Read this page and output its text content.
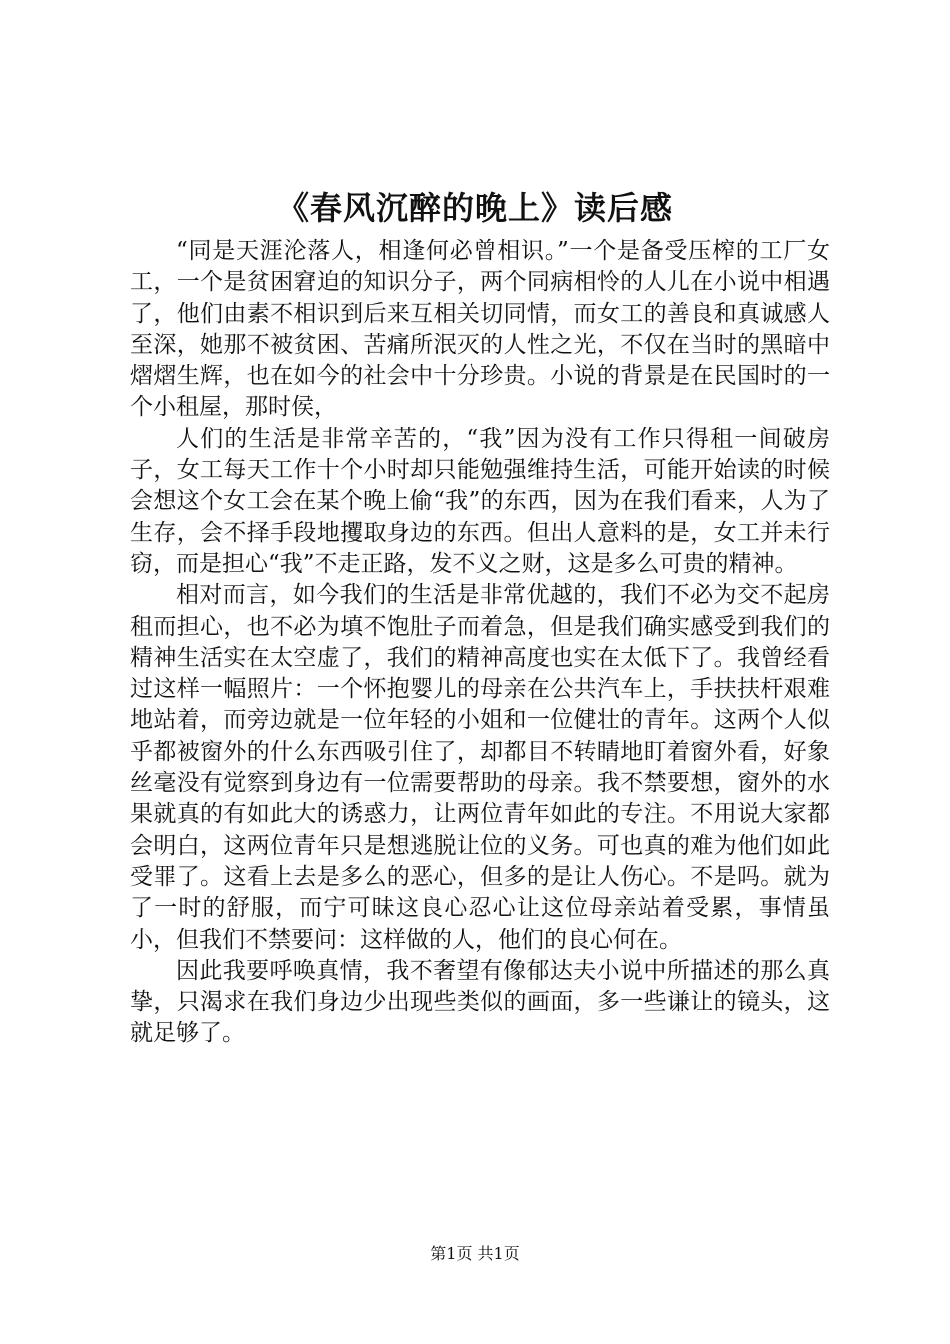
《春风沉醉的晚上》读后感

“同是天涯沦落人，相逢何必曾相识。”一个是备受压榨的工厂女工，一个是贫困窘迫的知识分子，两个同病相怜的人儿在小说中相遇了，他们由素不相识到后来互相关切同情，而女工的善良和真诚感人至深，她那不被贫困、苦痛所泯灭的人性之光，不仅在当时的黑暗中熠熠生辉，也在如今的社会中十分珍贵。小说的背景是在民国时的一个小租屋，那时侯，

人们的生活是非常辛苦的，“我”因为没有工作只得租一间破房子，女工每天工作十个小时却只能勉强维持生活，可能开始读的时候会想这个女工会在某个晚上偷“我”的东西，因为在我们看来，人为了生存，会不择手段地攫取身边的东西。但出人意料的是，女工并未行窃，而是担心“我”不走正路，发不义之财，这是多么可贵的精神。

相对而言，如今我们的生活是非常优越的，我们不必为交不起房租而担心，也不必为填不饱肚子而着急，但是我们确实感受到我们的精神生活实在太空虚了，我们的精神高度也实在太低下了。我曾经看过这样一幅照片：一个怀抱婴儿的母亲在公共汽车上，手扶扶杆艰难地站着，而旁边就是一位年轻的小姐和一位健壮的青年。这两个人似乎都被窗外的什么东西吸引住了，却都目不转睛地盯着窗外看，好象丝毫没有觉察到身边有一位需要帮助的母亲。我不禁要想，窗外的水果就真的有如此大的诱惑力，让两位青年如此的专注。不用说大家都会明白，这两位青年只是想逃脱让位的义务。可也真的难为他们如此受罪了。这看上去是多么的恶心，但多的是让人伤心。不是吗。就为了一时的舒服，而宁可昧这良心忍心让这位母亲站着受累，事情虽小，但我们不禁要问：这样做的人，他们的良心何在。

因此我要呼唤真情，我不奢望有像郁达夫小说中所描述的那么真挚，只渴求在我们身边少出现些类似的画面，多一些谦让的镜头，这就足够了。

第1页 共1页
